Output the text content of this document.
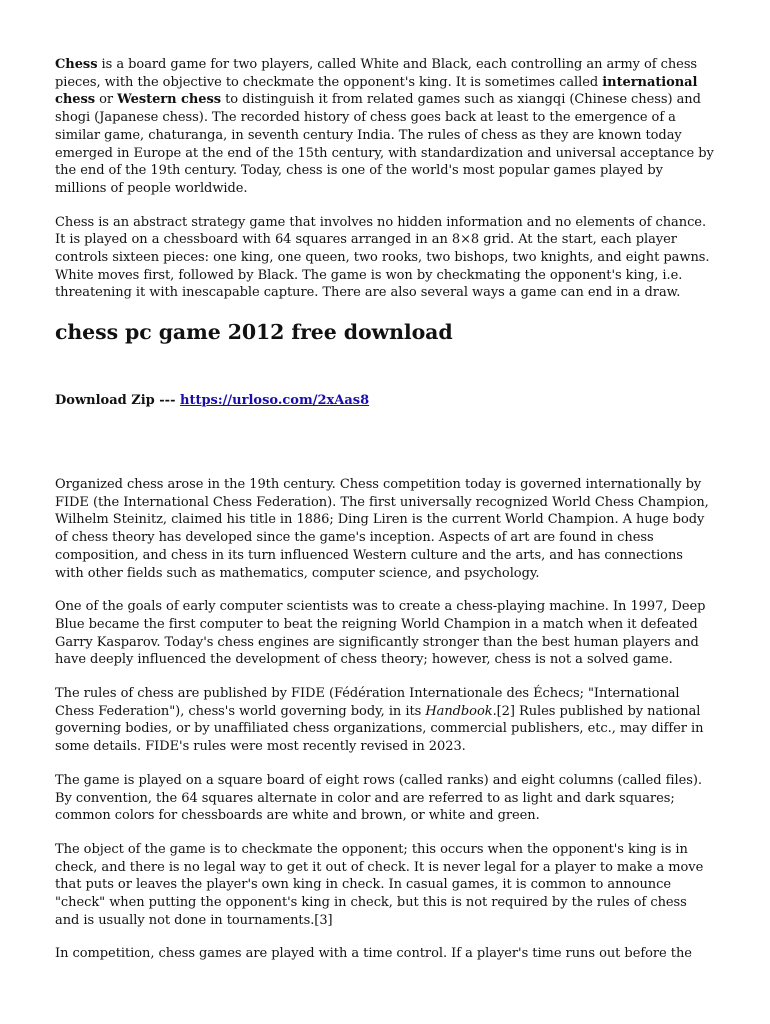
Chess is a board game for two players, called White and Black, each controlling an army of chess pieces, with the objective to checkmate the opponent's king. It is sometimes called international chess or Western chess to distinguish it from related games such as xiangqi (Chinese chess) and shogi (Japanese chess). The recorded history of chess goes back at least to the emergence of a similar game, chaturanga, in seventh century India. The rules of chess as they are known today emerged in Europe at the end of the 15th century, with standardization and universal acceptance by the end of the 19th century. Today, chess is one of the world's most popular games played by millions of people worldwide.

Chess is an abstract strategy game that involves no hidden information and no elements of chance. It is played on a chessboard with 64 squares arranged in an 8×8 grid. At the start, each player controls sixteen pieces: one king, one queen, two rooks, two bishops, two knights, and eight pawns. White moves first, followed by Black. The game is won by checkmating the opponent's king, i.e. threatening it with inescapable capture. There are also several ways a game can end in a draw.

chess pc game 2012 free download
Download Zip --- https://urloso.com/2xAas8

Organized chess arose in the 19th century. Chess competition today is governed internationally by FIDE (the International Chess Federation). The first universally recognized World Chess Champion, Wilhelm Steinitz, claimed his title in 1886; Ding Liren is the current World Champion. A huge body of chess theory has developed since the game's inception. Aspects of art are found in chess composition, and chess in its turn influenced Western culture and the arts, and has connections with other fields such as mathematics, computer science, and psychology.

One of the goals of early computer scientists was to create a chess-playing machine. In 1997, Deep Blue became the first computer to beat the reigning World Champion in a match when it defeated Garry Kasparov. Today's chess engines are significantly stronger than the best human players and have deeply influenced the development of chess theory; however, chess is not a solved game.

The rules of chess are published by FIDE (Fédération Internationale des Échecs; "International Chess Federation"), chess's world governing body, in its Handbook.[2] Rules published by national governing bodies, or by unaffiliated chess organizations, commercial publishers, etc., may differ in some details. FIDE's rules were most recently revised in 2023.

The game is played on a square board of eight rows (called ranks) and eight columns (called files). By convention, the 64 squares alternate in color and are referred to as light and dark squares; common colors for chessboards are white and brown, or white and green.

The object of the game is to checkmate the opponent; this occurs when the opponent's king is in check, and there is no legal way to get it out of check. It is never legal for a player to make a move that puts or leaves the player's own king in check. In casual games, it is common to announce "check" when putting the opponent's king in check, but this is not required by the rules of chess and is usually not done in tournaments.[3]

In competition, chess games are played with a time control. If a player's time runs out before the
